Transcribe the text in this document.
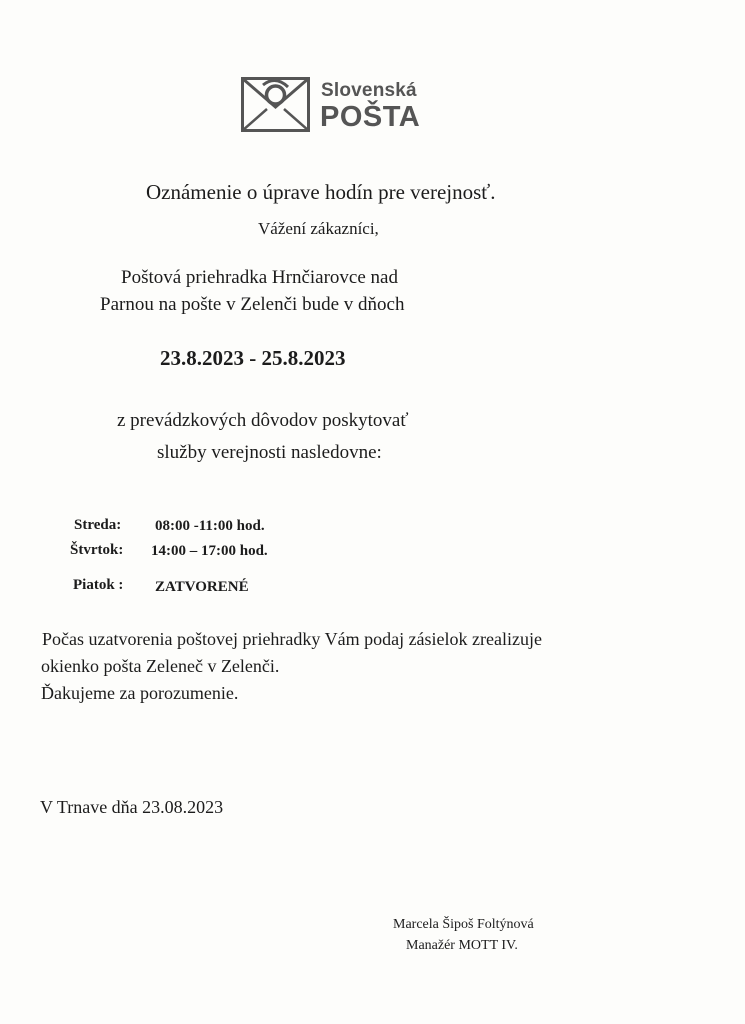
Slovenská
POŠTA
Oznámenie o úprave hodín pre verejnosť.
Vážení zákazníci,
Poštová priehradka Hrnčiarovce nad
Parnou na pošte v Zelenči bude v dňoch
23.8.2023 - 25.8.2023
z prevádzkových dôvodov poskytovať
služby verejnosti nasledovne:
Streda: 08:00 -11:00 hod.
Štvrtok: 14:00 – 17:00 hod.
Piatok : ZATVORENÉ
Počas uzatvorenia poštovej priehradky Vám podaj zásielok zrealizuje
okienko pošta Zeleneč v Zelenči.
Ďakujeme za porozumenie.
V Trnave dňa 23.08.2023
Marcela Šipoš Foltýnová
Manažér MOTT IV.
